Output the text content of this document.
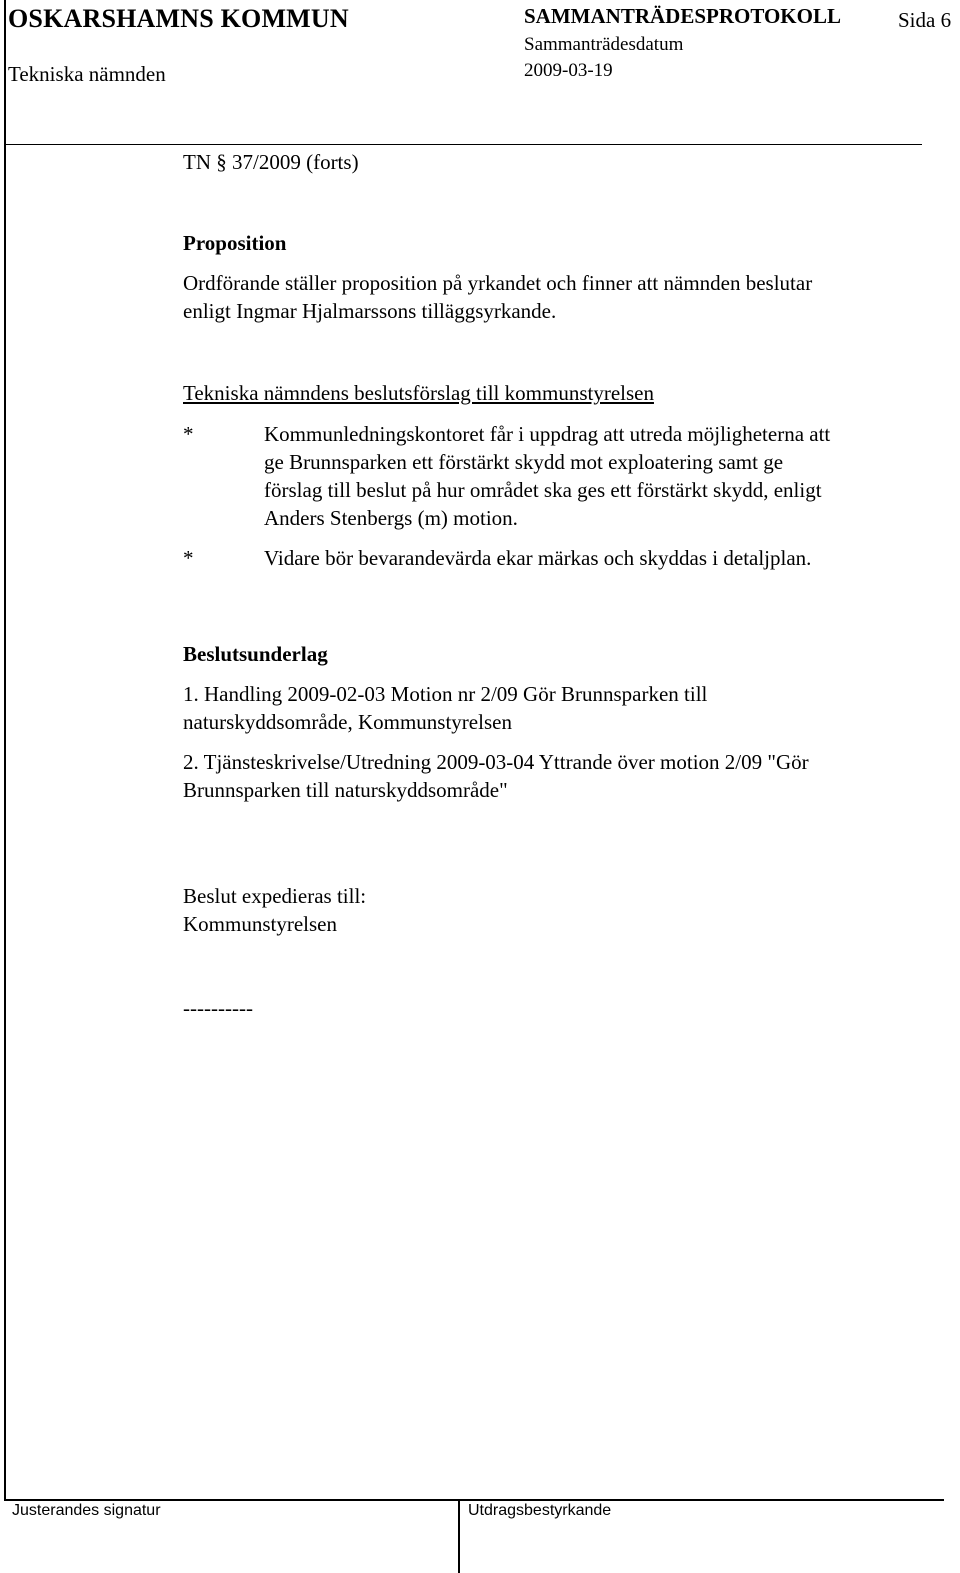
OSKARSHAMNS KOMMUN
Tekniska nämnden
SAMMANTRÄDESPROTOKOLL
Sammanträdesdatum
2009-03-19
Sida 6
TN § 37/2009 (forts)
Proposition
Ordförande ställer proposition på yrkandet och finner att nämnden beslutar
enligt Ingmar Hjalmarssons tilläggsyrkande.
Tekniska nämndens beslutsförslag till kommunstyrelsen
*	Kommunledningskontoret får i uppdrag att utreda möjligheterna att
ge Brunnsparken ett förstärkt skydd mot exploatering samt ge
förslag till beslut på hur området ska ges ett förstärkt skydd, enligt
Anders Stenbergs (m) motion.
*	Vidare bör bevarandevärda ekar märkas och skyddas i detaljplan.
Beslutsunderlag
1. Handling 2009-02-03 Motion nr 2/09 Gör Brunnsparken till
naturskyddsområde, Kommunstyrelsen
2. Tjänsteskrivelse/Utredning 2009-03-04 Yttrande över motion 2/09 "Gör
Brunnsparken till naturskyddsområde"
Beslut expedieras till:
Kommunstyrelsen
----------
Justerandes signatur	Utdragsbestyrkande
